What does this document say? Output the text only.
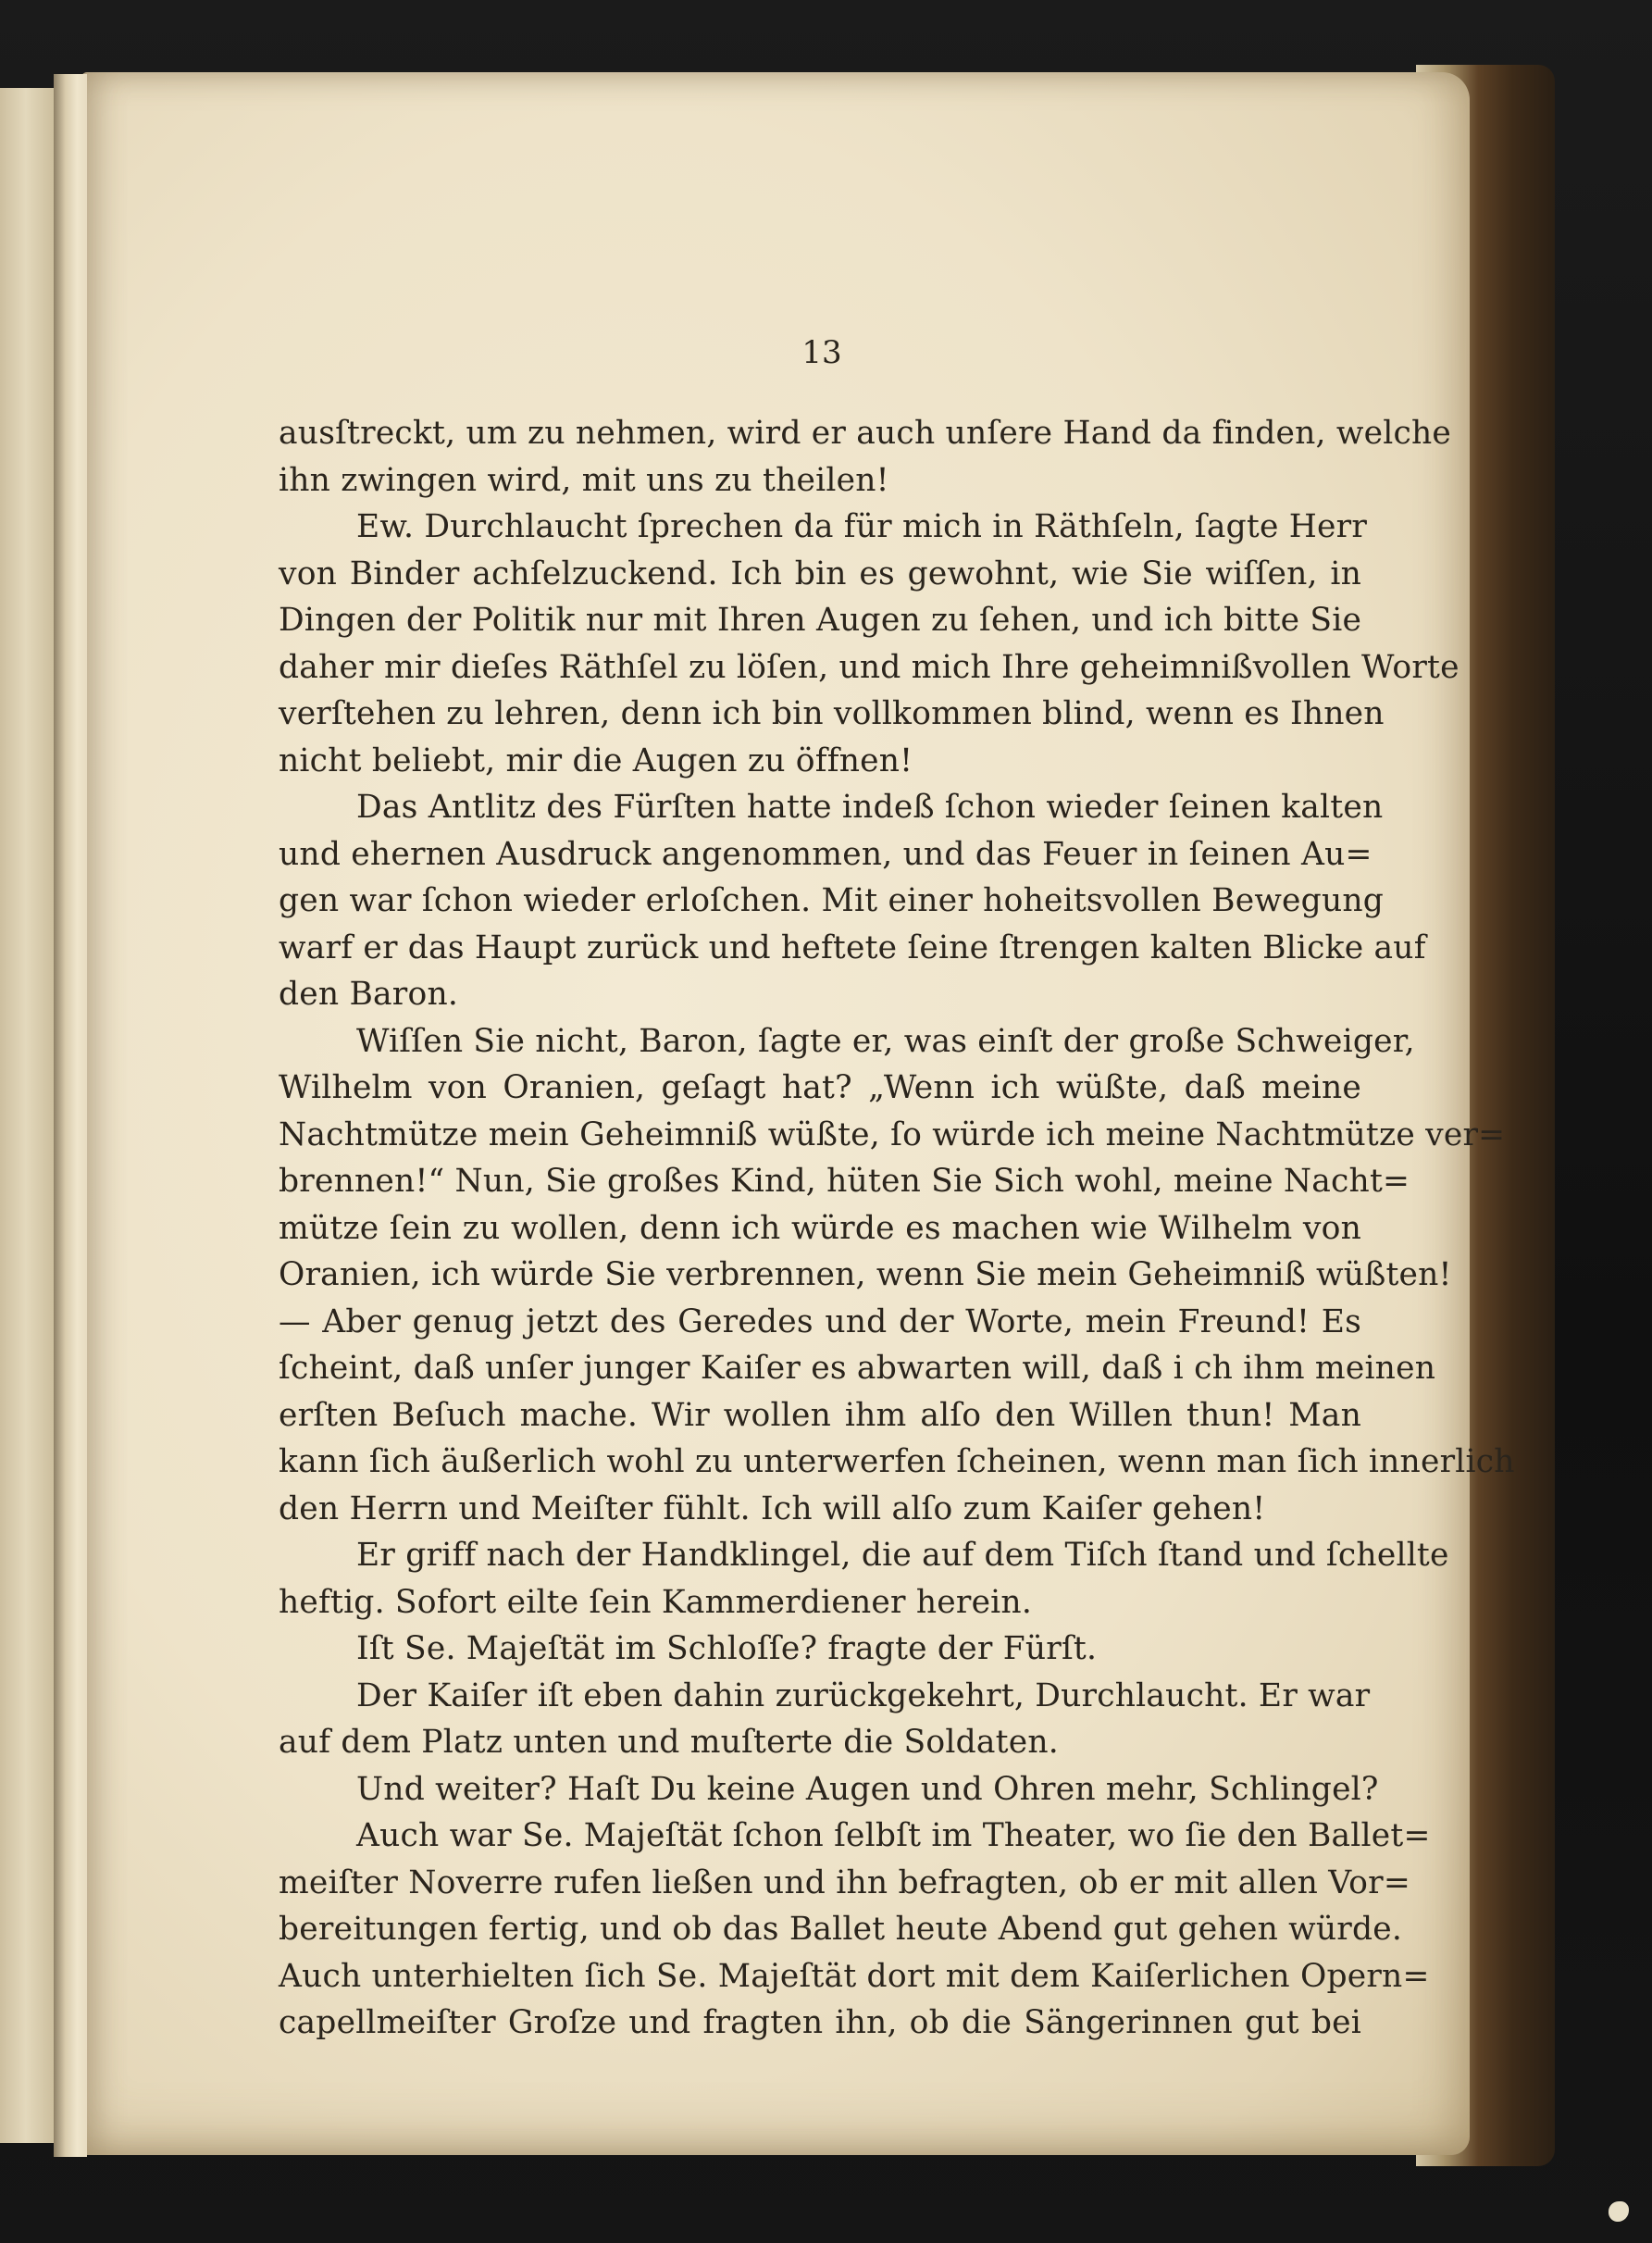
13
ausſtreckt, um zu nehmen, wird er auch unſere Hand da finden, welche
ihn zwingen wird, mit uns zu theilen!
Ew. Durchlaucht ſprechen da für mich in Räthſeln, ſagte Herr
von Binder achſelzuckend. Ich bin es gewohnt, wie Sie wiſſen, in
Dingen der Politik nur mit Ihren Augen zu ſehen, und ich bitte Sie
daher mir dieſes Räthſel zu löſen, und mich Ihre geheimnißvollen Worte
verſtehen zu lehren, denn ich bin vollkommen blind, wenn es Ihnen
nicht beliebt, mir die Augen zu öffnen!
Das Antlitz des Fürſten hatte indeß ſchon wieder ſeinen kalten
und ehernen Ausdruck angenommen, und das Feuer in ſeinen Au=
gen war ſchon wieder erloſchen. Mit einer hoheitsvollen Bewegung
warf er das Haupt zurück und heftete ſeine ſtrengen kalten Blicke auf
den Baron.
Wiſſen Sie nicht, Baron, ſagte er, was einſt der große Schweiger,
Wilhelm von Oranien, geſagt hat? „Wenn ich wüßte, daß meine
Nachtmütze mein Geheimniß wüßte, ſo würde ich meine Nachtmütze ver=
brennen!“ Nun, Sie großes Kind, hüten Sie Sich wohl, meine Nacht=
mütze ſein zu wollen, denn ich würde es machen wie Wilhelm von
Oranien, ich würde Sie verbrennen, wenn Sie mein Geheimniß wüßten!
— Aber genug jetzt des Geredes und der Worte, mein Freund! Es
ſcheint, daß unſer junger Kaiſer es abwarten will, daß i ch ihm meinen
erſten Beſuch mache. Wir wollen ihm alſo den Willen thun! Man
kann ſich äußerlich wohl zu unterwerfen ſcheinen, wenn man ſich innerlich
den Herrn und Meiſter fühlt. Ich will alſo zum Kaiſer gehen!
Er griff nach der Handklingel, die auf dem Tiſch ſtand und ſchellte
heftig. Sofort eilte ſein Kammerdiener herein.
Iſt Se. Majeſtät im Schloſſe? fragte der Fürſt.
Der Kaiſer iſt eben dahin zurückgekehrt, Durchlaucht. Er war
auf dem Platz unten und muſterte die Soldaten.
Und weiter? Haſt Du keine Augen und Ohren mehr, Schlingel?
Auch war Se. Majeſtät ſchon ſelbſt im Theater, wo ſie den Ballet=
meiſter Noverre rufen ließen und ihn befragten, ob er mit allen Vor=
bereitungen fertig, und ob das Ballet heute Abend gut gehen würde.
Auch unterhielten ſich Se. Majeſtät dort mit dem Kaiſerlichen Opern=
capellmeiſter Groſze und fragten ihn, ob die Sängerinnen gut bei
